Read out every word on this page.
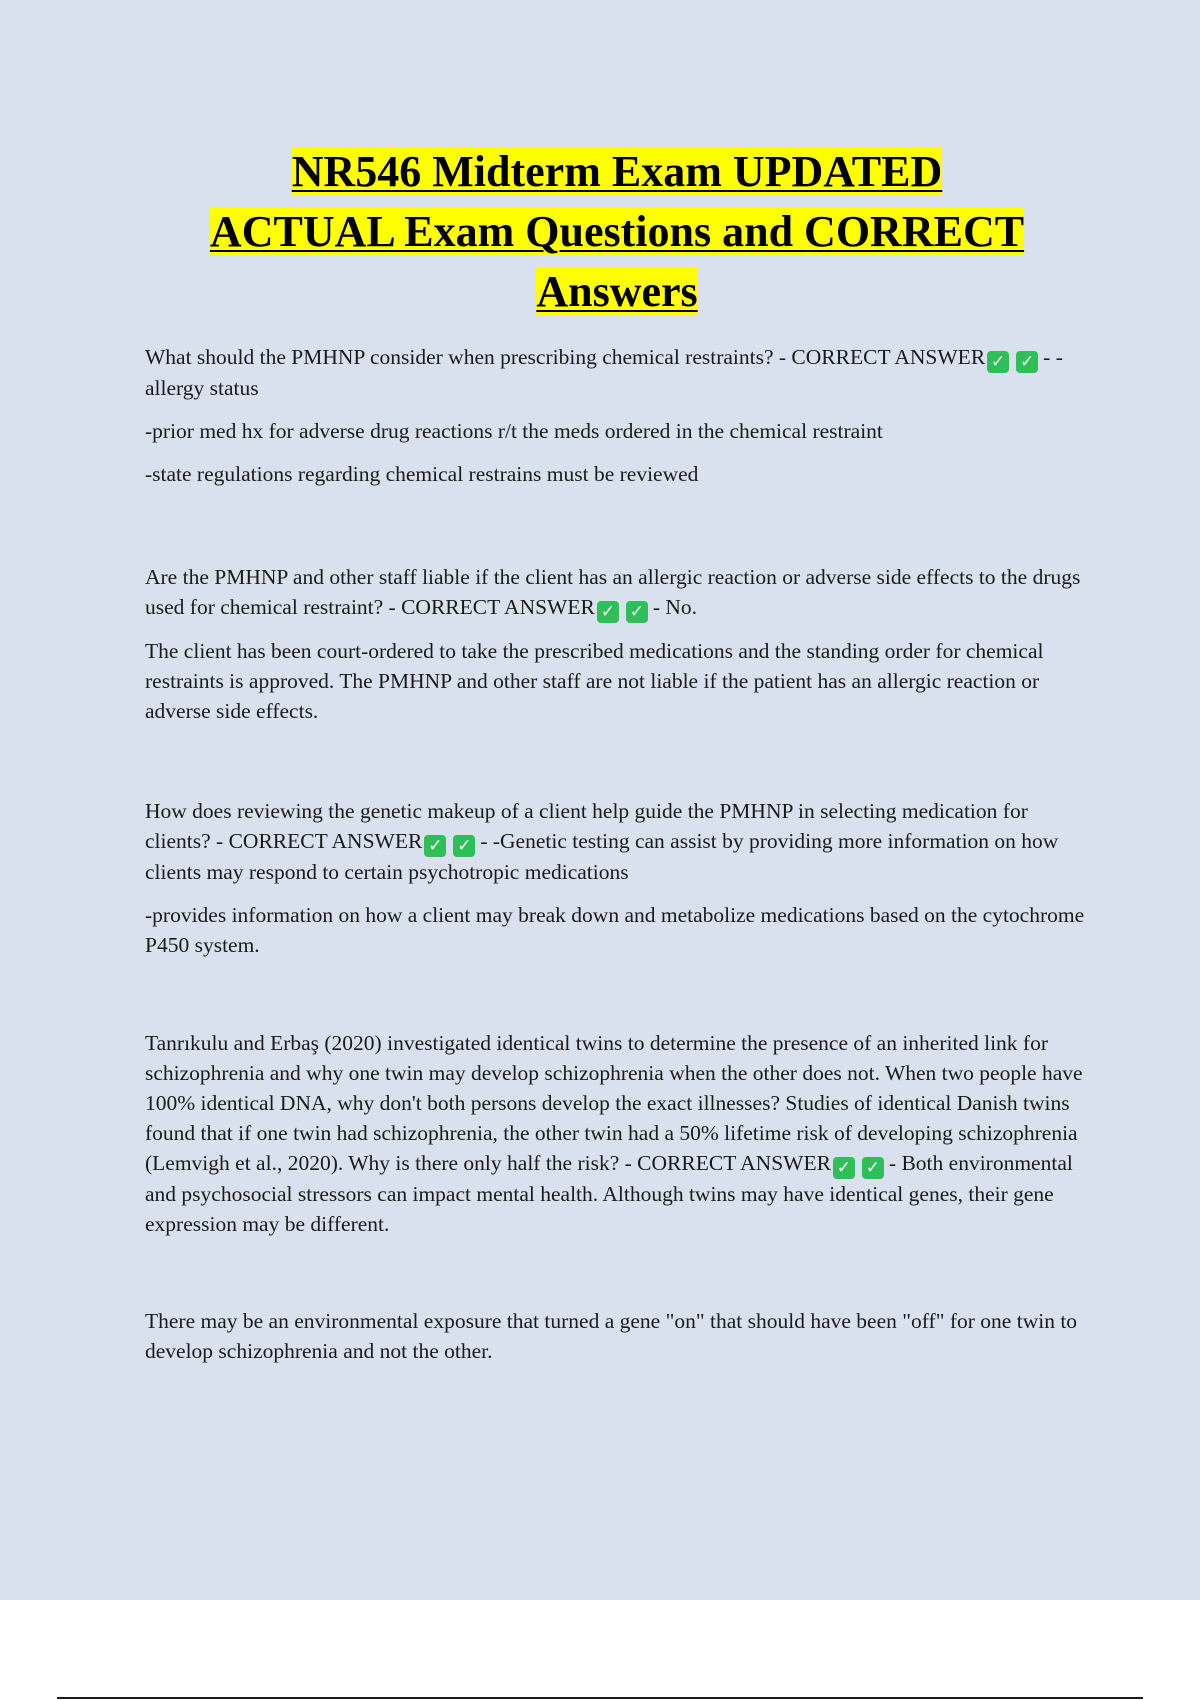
NR546 Midterm Exam UPDATED
ACTUAL Exam Questions and CORRECT
Answers

What should the PMHNP consider when prescribing chemical restraints? - CORRECT ANSWER ✓ ✓ - -allergy status

-prior med hx for adverse drug reactions r/t the meds ordered in the chemical restraint

-state regulations regarding chemical restrains must be reviewed

Are the PMHNP and other staff liable if the client has an allergic reaction or adverse side effects to the drugs used for chemical restraint? - CORRECT ANSWER ✓ ✓ - No.

The client has been court-ordered to take the prescribed medications and the standing order for chemical restraints is approved. The PMHNP and other staff are not liable if the patient has an allergic reaction or adverse side effects.

How does reviewing the genetic makeup of a client help guide the PMHNP in selecting medication for clients? - CORRECT ANSWER ✓ ✓ - -Genetic testing can assist by providing more information on how clients may respond to certain psychotropic medications

-provides information on how a client may break down and metabolize medications based on the cytochrome P450 system.

Tanrıkulu and Erbaş (2020) investigated identical twins to determine the presence of an inherited link for schizophrenia and why one twin may develop schizophrenia when the other does not. When two people have 100% identical DNA, why don't both persons develop the exact illnesses? Studies of identical Danish twins found that if one twin had schizophrenia, the other twin had a 50% lifetime risk of developing schizophrenia (Lemvigh et al., 2020). Why is there only half the risk? - CORRECT ANSWER ✓ ✓ - Both environmental and psychosocial stressors can impact mental health. Although twins may have identical genes, their gene expression may be different.

There may be an environmental exposure that turned a gene "on" that should have been "off" for one twin to develop schizophrenia and not the other.
